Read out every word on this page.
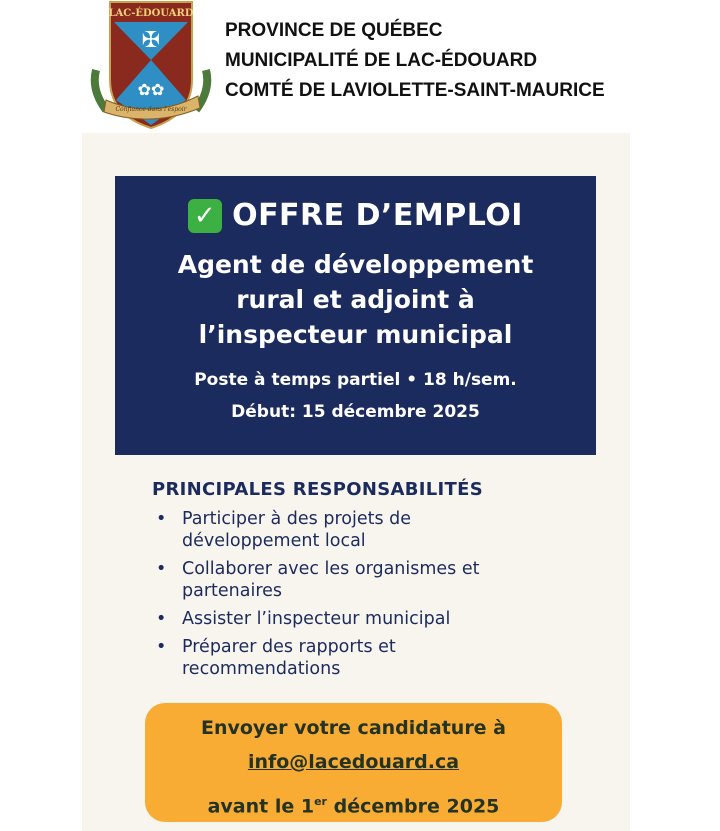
LAC-ÉDOUARD
✠
✿✿
Confiance dans l'espoir
PROVINCE DE QUÉBEC
MUNICIPALITÉ DE LAC-ÉDOUARD
COMTÉ DE LAVIOLETTE-SAINT-MAURICE
✓ OFFRE D’EMPLOI
Agent de développement
rural et adjoint à
l’inspecteur municipal
Poste à temps partiel • 18 h/sem.
Début: 15 décembre 2025
PRINCIPALES RESPONSABILITÉS
• Participer à des projets de développement local
• Collaborer avec les organismes et partenaires
• Assister l’inspecteur municipal
• Préparer des rapports et recommendations
Envoyer votre candidature à
info@lacedouard.ca
avant le 1er décembre 2025
